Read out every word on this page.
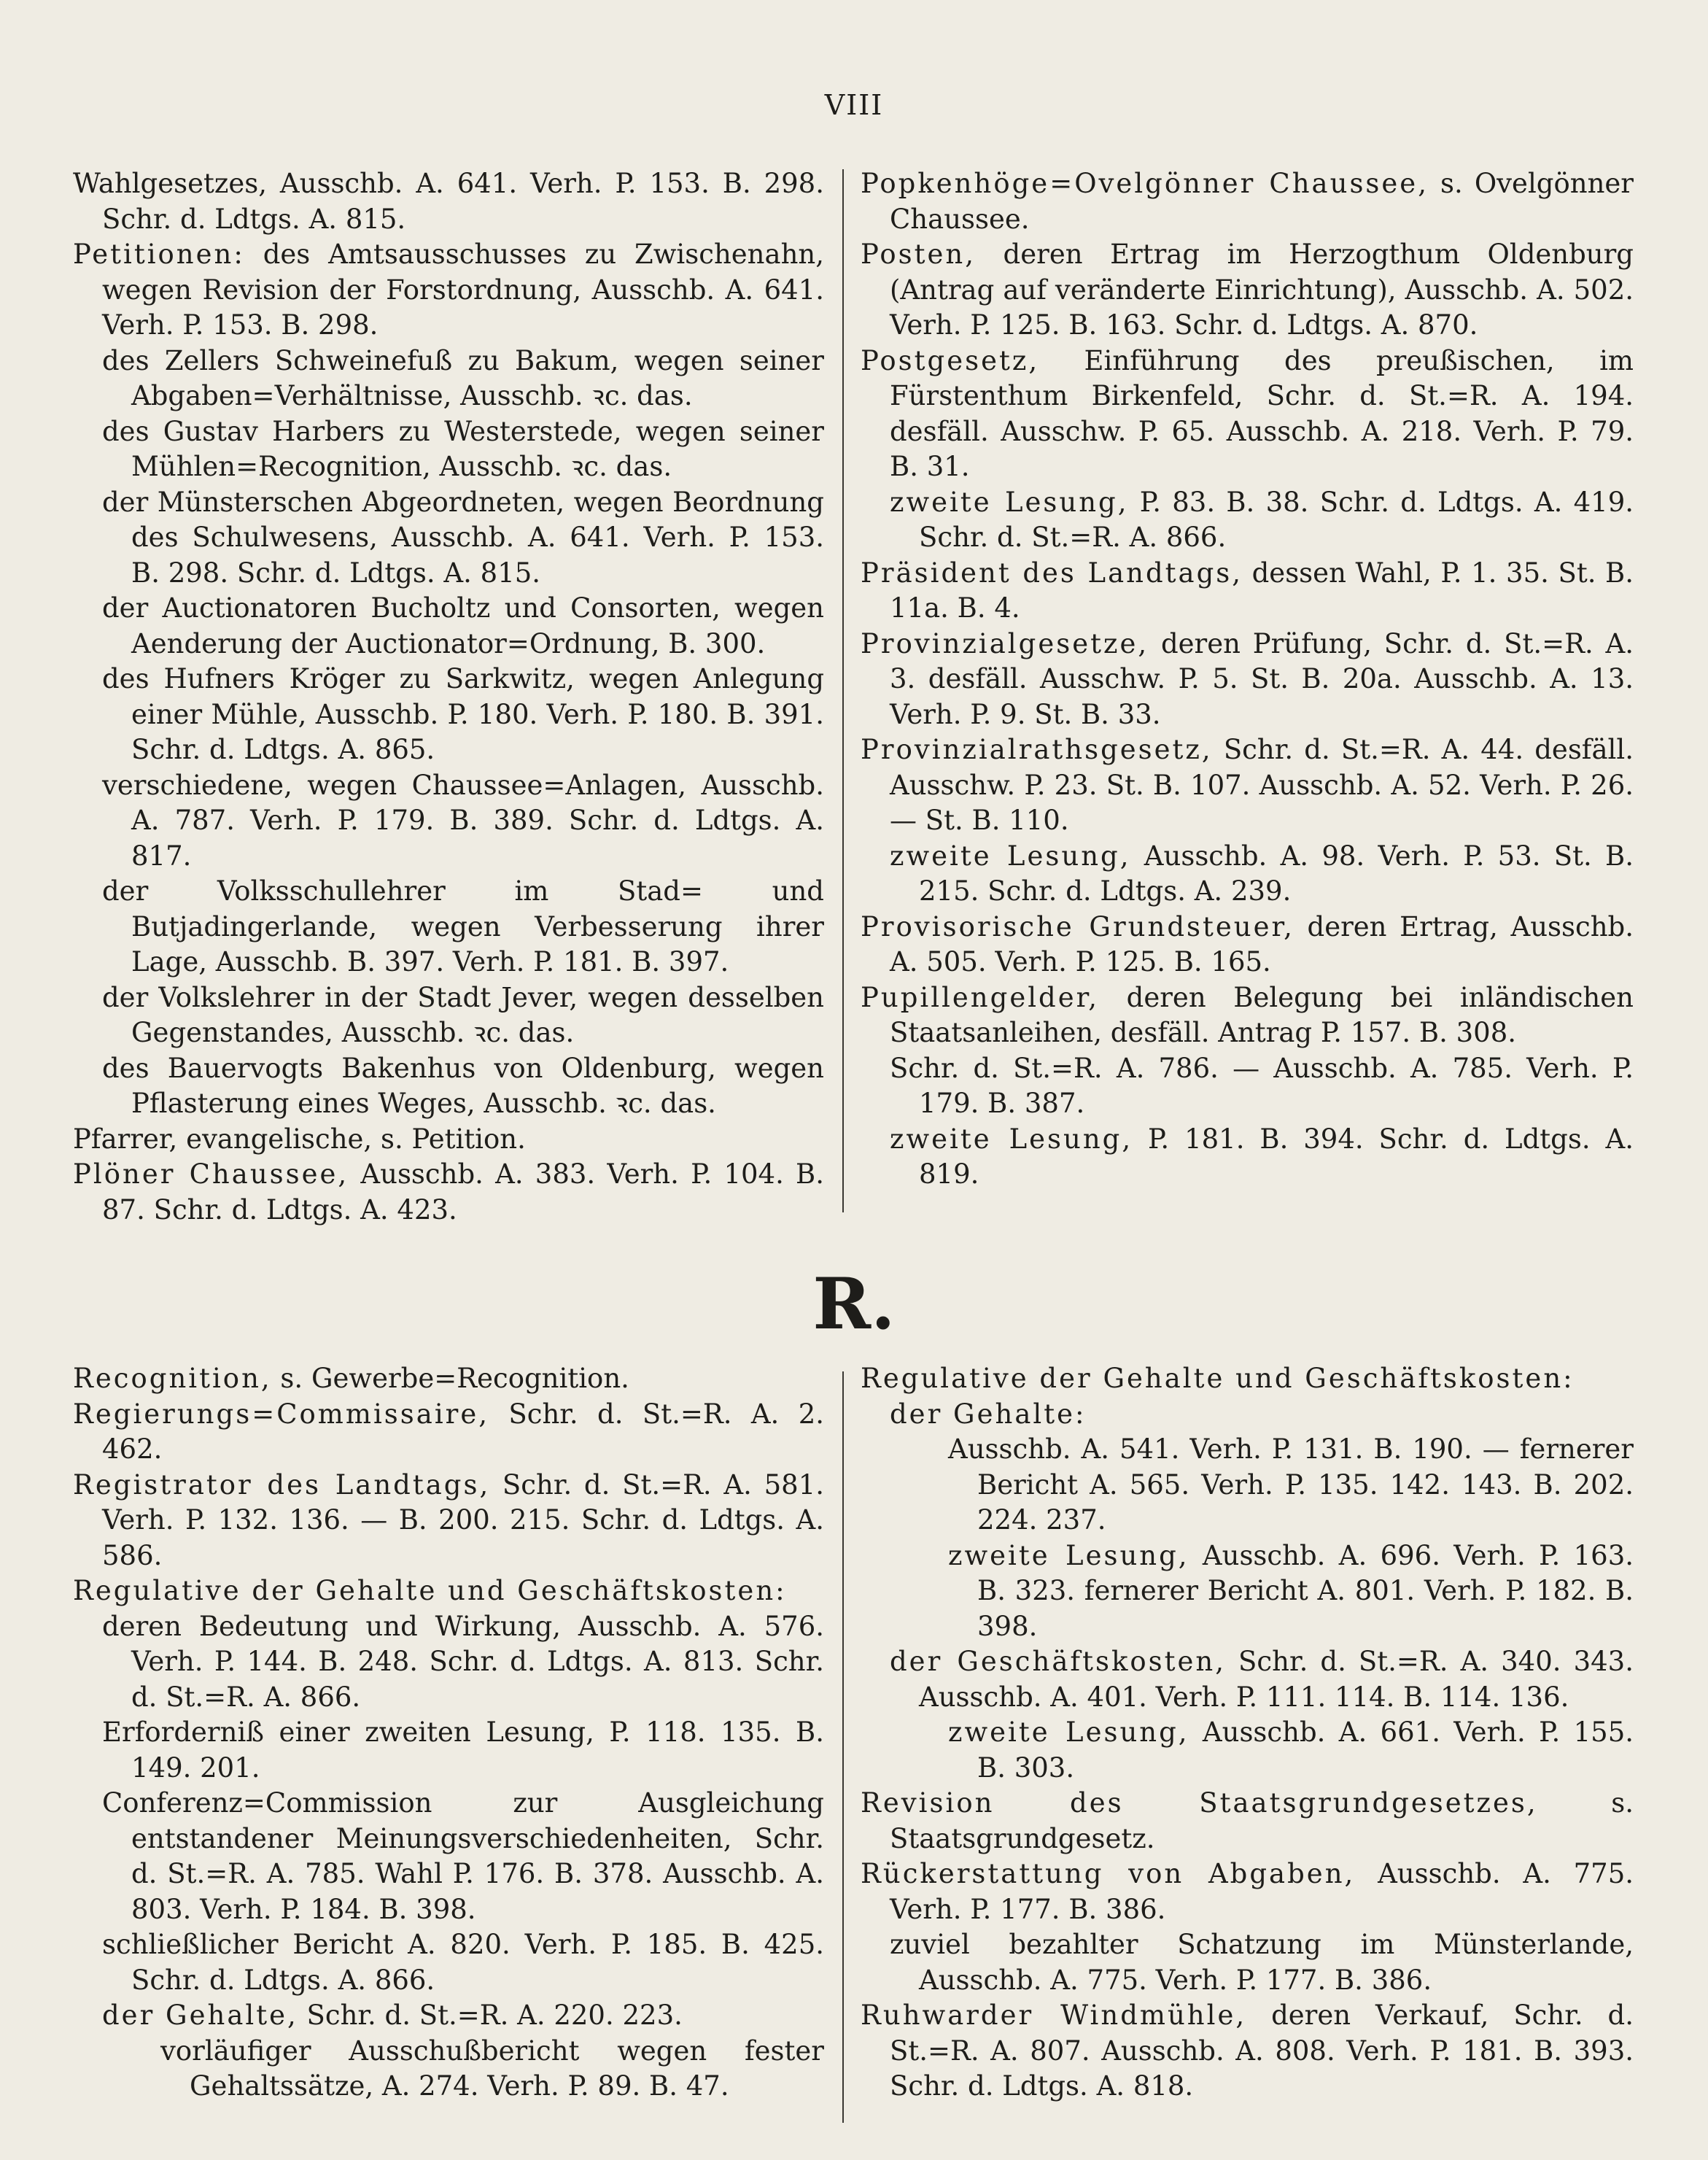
VIII

Wahlgesetzes, Ausschb. A. 641. Verh. P. 153. B. 298. Schr. d. Ldtgs. A. 815.

Petitionen: des Amtsausschusses zu Zwischenahn, wegen Revision der Forstordnung, Ausschb. A. 641. Verh. P. 153. B. 298.

des Zellers Schweinefuß zu Bakum, wegen seiner Abgaben=Verhältnisse, Ausschb. ꝛc. das.

des Gustav Harbers zu Westerstede, wegen seiner Mühlen=Recognition, Ausschb. ꝛc. das.

der Münsterschen Abgeordneten, wegen Beordnung des Schulwesens, Ausschb. A. 641. Verh. P. 153. B. 298. Schr. d. Ldtgs. A. 815.

der Auctionatoren Bucholtz und Consorten, wegen Aenderung der Auctionator=Ordnung, B. 300.

des Hufners Kröger zu Sarkwitz, wegen Anlegung einer Mühle, Ausschb. P. 180. Verh. P. 180. B. 391. Schr. d. Ldtgs. A. 865.

verschiedene, wegen Chaussee=Anlagen, Ausschb. A. 787. Verh. P. 179. B. 389. Schr. d. Ldtgs. A. 817.

der Volksschullehrer im Stad= und Butjadingerlande, wegen Verbesserung ihrer Lage, Ausschb. B. 397. Verh. P. 181. B. 397.

der Volkslehrer in der Stadt Jever, wegen desselben Gegenstandes, Ausschb. ꝛc. das.

des Bauervogts Bakenhus von Oldenburg, wegen Pflasterung eines Weges, Ausschb. ꝛc. das.

Pfarrer, evangelische, s. Petition.

Plöner Chaussee, Ausschb. A. 383. Verh. P. 104. B. 87. Schr. d. Ldtgs. A. 423.

Popkenhöge=Ovelgönner Chaussee, s. Ovelgönner Chaussee.

Posten, deren Ertrag im Herzogthum Oldenburg (Antrag auf veränderte Einrichtung), Ausschb. A. 502. Verh. P. 125. B. 163. Schr. d. Ldtgs. A. 870.

Postgesetz, Einführung des preußischen, im Fürstenthum Birkenfeld, Schr. d. St.=R. A. 194. desfäll. Ausschw. P. 65. Ausschb. A. 218. Verh. P. 79. B. 31.

zweite Lesung, P. 83. B. 38. Schr. d. Ldtgs. A. 419. Schr. d. St.=R. A. 866.

Präsident des Landtags, dessen Wahl, P. 1. 35. St. B. 11a. B. 4.

Provinzialgesetze, deren Prüfung, Schr. d. St.=R. A. 3. desfäll. Ausschw. P. 5. St. B. 20a. Ausschb. A. 13. Verh. P. 9. St. B. 33.

Provinzialrathsgesetz, Schr. d. St.=R. A. 44. desfäll. Ausschw. P. 23. St. B. 107. Ausschb. A. 52. Verh. P. 26. — St. B. 110.

zweite Lesung, Ausschb. A. 98. Verh. P. 53. St. B. 215. Schr. d. Ldtgs. A. 239.

Provisorische Grundsteuer, deren Ertrag, Ausschb. A. 505. Verh. P. 125. B. 165.

Pupillengelder, deren Belegung bei inländischen Staatsanleihen, desfäll. Antrag P. 157. B. 308.

Schr. d. St.=R. A. 786. — Ausschb. A. 785. Verh. P. 179. B. 387.

zweite Lesung, P. 181. B. 394. Schr. d. Ldtgs. A. 819.

R.

Recognition, s. Gewerbe=Recognition.

Regierungs=Commissaire, Schr. d. St.=R. A. 2. 462.

Registrator des Landtags, Schr. d. St.=R. A. 581. Verh. P. 132. 136. — B. 200. 215. Schr. d. Ldtgs. A. 586.

Regulative der Gehalte und Geschäftskosten:

deren Bedeutung und Wirkung, Ausschb. A. 576. Verh. P. 144. B. 248. Schr. d. Ldtgs. A. 813. Schr. d. St.=R. A. 866.

Erforderniß einer zweiten Lesung, P. 118. 135. B. 149. 201.

Conferenz=Commission zur Ausgleichung entstandener Meinungsverschiedenheiten, Schr. d. St.=R. A. 785. Wahl P. 176. B. 378. Ausschb. A. 803. Verh. P. 184. B. 398.

schließlicher Bericht A. 820. Verh. P. 185. B. 425. Schr. d. Ldtgs. A. 866.

der Gehalte, Schr. d. St.=R. A. 220. 223.

vorläufiger Ausschußbericht wegen fester Gehaltssätze, A. 274. Verh. P. 89. B. 47.

Regulative der Gehalte und Geschäftskosten:

der Gehalte:

Ausschb. A. 541. Verh. P. 131. B. 190. — fernerer Bericht A. 565. Verh. P. 135. 142. 143. B. 202. 224. 237.

zweite Lesung, Ausschb. A. 696. Verh. P. 163. B. 323. fernerer Bericht A. 801. Verh. P. 182. B. 398.

der Geschäftskosten, Schr. d. St.=R. A. 340. 343. Ausschb. A. 401. Verh. P. 111. 114. B. 114. 136.

zweite Lesung, Ausschb. A. 661. Verh. P. 155. B. 303.

Revision des Staatsgrundgesetzes, s. Staatsgrundgesetz.

Rückerstattung von Abgaben, Ausschb. A. 775. Verh. P. 177. B. 386.

zuviel bezahlter Schatzung im Münsterlande, Ausschb. A. 775. Verh. P. 177. B. 386.

Ruhwarder Windmühle, deren Verkauf, Schr. d. St.=R. A. 807. Ausschb. A. 808. Verh. P. 181. B. 393. Schr. d. Ldtgs. A. 818.
